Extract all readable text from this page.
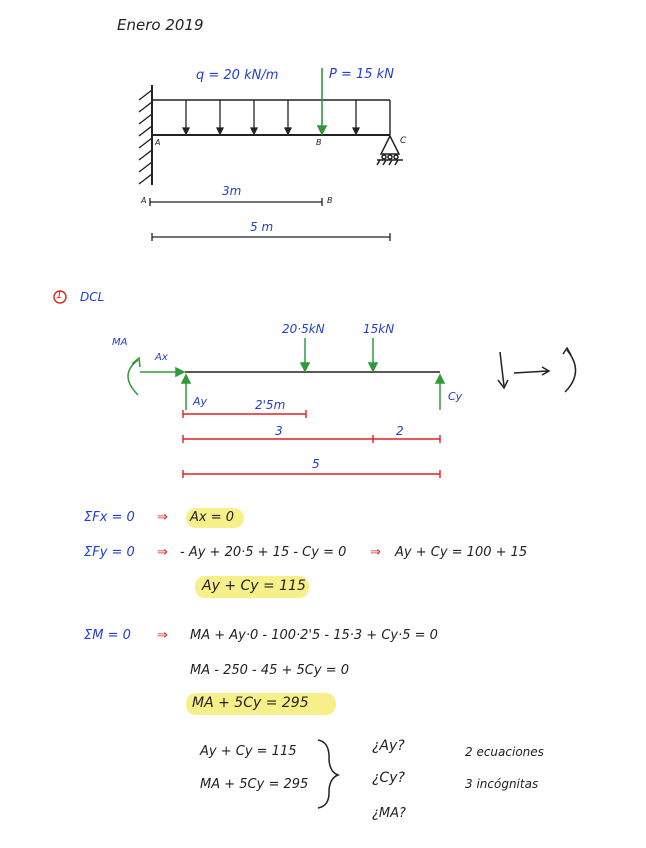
Enero 2019
q = 20 kN/m	P = 15 kN
A	B	C
3m
5 m
A	B
1 DCL
MA
Ax
Ay	Cy
20·5kN	15kN
2'5m
3	2
5
ΣFx = 0 ⇒ Ax = 0
ΣFy = 0 ⇒ - Ay + 20·5 + 15 - Cy = 0 ⇒ Ay + Cy = 100 + 15
Ay + Cy = 115
ΣM = 0 ⇒ MA + Ay·0 - 100·2'5 - 15·3 + Cy·5 = 0
MA - 250 - 45 + 5Cy = 0
MA + 5Cy = 295
Ay + Cy = 115
MA + 5Cy = 295
¿Ay?
¿Cy?
¿MA?
2 ecuaciones
3 incógnitas
